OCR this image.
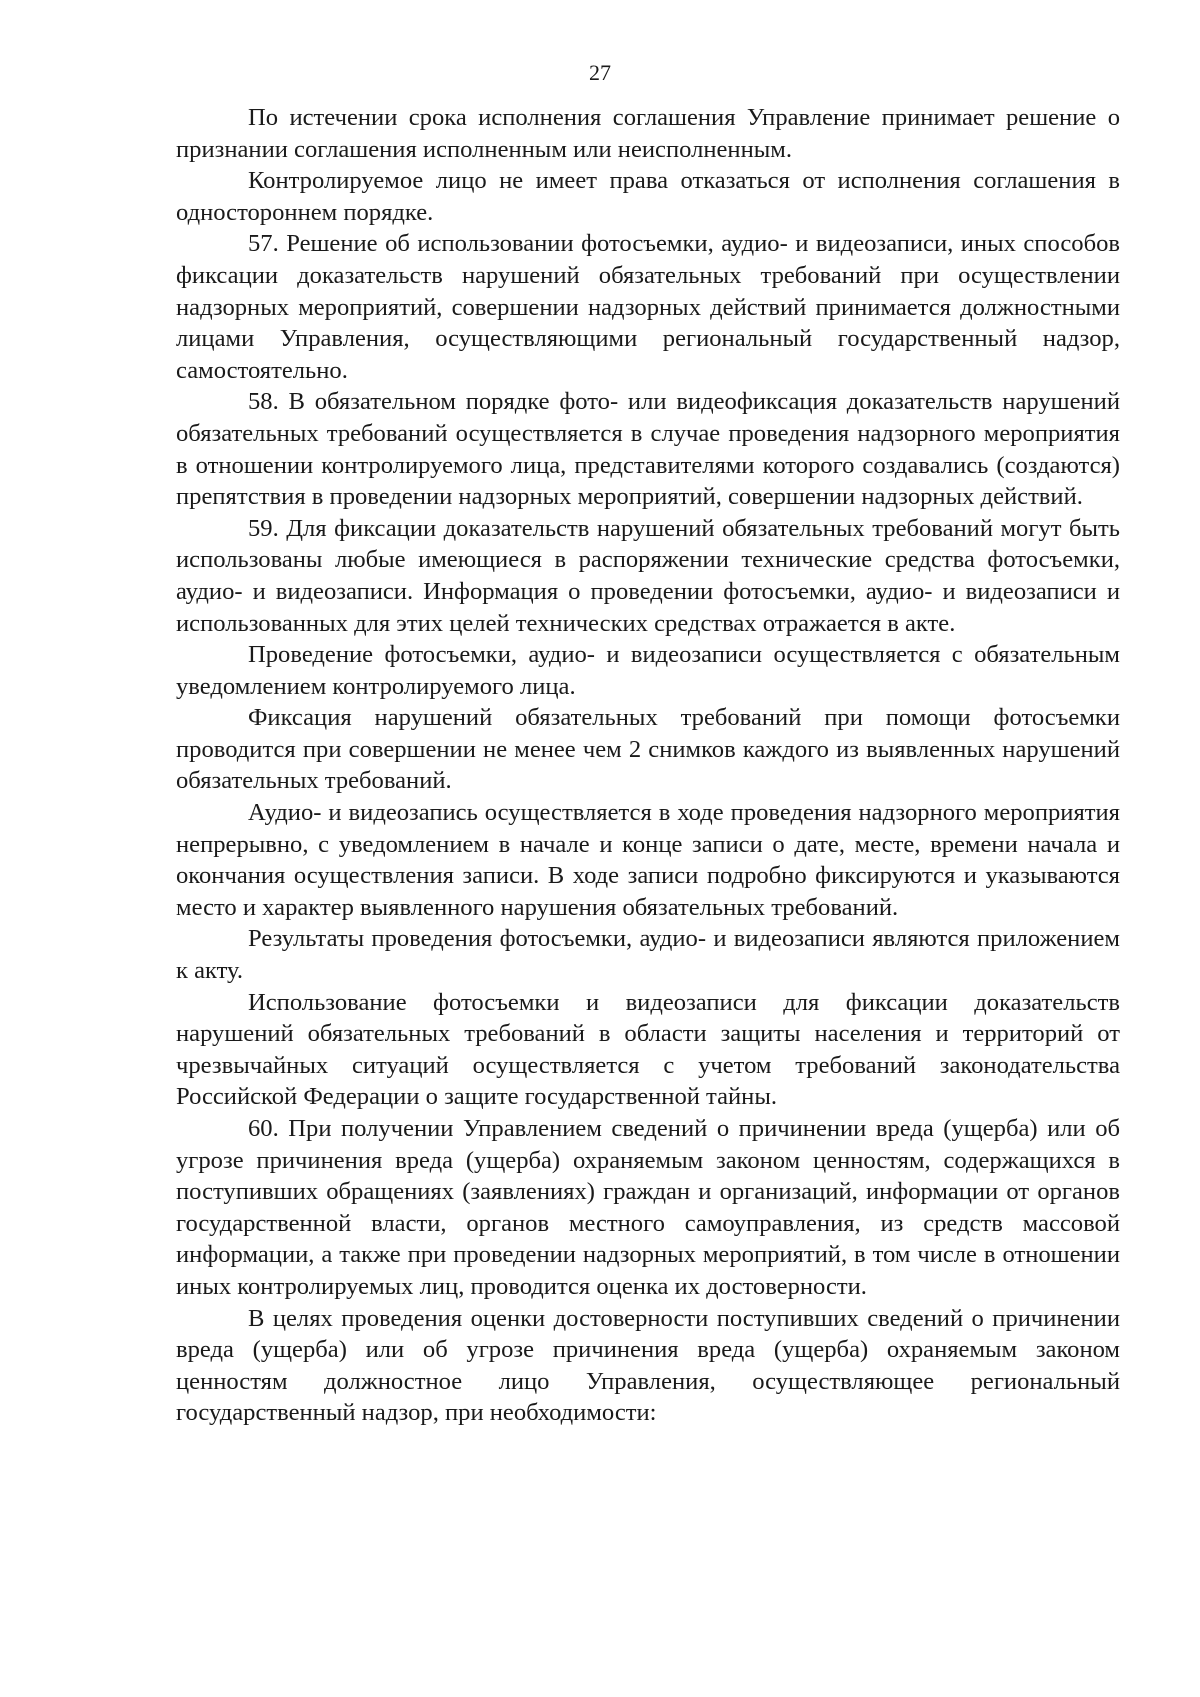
27

По истечении срока исполнения соглашения Управление принимает решение о признании соглашения исполненным или неисполненным.

Контролируемое лицо не имеет права отказаться от исполнения соглашения в одностороннем порядке.

57. Решение об использовании фотосъемки, аудио- и видеозаписи, иных способов фиксации доказательств нарушений обязательных требований при осуществлении надзорных мероприятий, совершении надзорных действий принимается должностными лицами Управления, осуществляющими региональный государственный надзор, самостоятельно.

58. В обязательном порядке фото- или видеофиксация доказательств нарушений обязательных требований осуществляется в случае проведения надзорного мероприятия в отношении контролируемого лица, представителями которого создавались (создаются) препятствия в проведении надзорных мероприятий, совершении надзорных действий.

59. Для фиксации доказательств нарушений обязательных требований могут быть использованы любые имеющиеся в распоряжении технические средства фотосъемки, аудио- и видеозаписи. Информация о проведении фотосъемки, аудио- и видеозаписи и использованных для этих целей технических средствах отражается в акте.

Проведение фотосъемки, аудио- и видеозаписи осуществляется с обязательным уведомлением контролируемого лица.

Фиксация нарушений обязательных требований при помощи фотосъемки проводится при совершении не менее чем 2 снимков каждого из выявленных нарушений обязательных требований.

Аудио- и видеозапись осуществляется в ходе проведения надзорного мероприятия непрерывно, с уведомлением в начале и конце записи о дате, месте, времени начала и окончания осуществления записи. В ходе записи подробно фиксируются и указываются место и характер выявленного нарушения обязательных требований.

Результаты проведения фотосъемки, аудио- и видеозаписи являются приложением к акту.

Использование фотосъемки и видеозаписи для фиксации доказательств нарушений обязательных требований в области защиты населения и территорий от чрезвычайных ситуаций осуществляется с учетом требований законодательства Российской Федерации о защите государственной тайны.

60. При получении Управлением сведений о причинении вреда (ущерба) или об угрозе причинения вреда (ущерба) охраняемым законом ценностям, содержащихся в поступивших обращениях (заявлениях) граждан и организаций, информации от органов государственной власти, органов местного самоуправления, из средств массовой информации, а также при проведении надзорных мероприятий, в том числе в отношении иных контролируемых лиц, проводится оценка их достоверности.

В целях проведения оценки достоверности поступивших сведений о причинении вреда (ущерба) или об угрозе причинения вреда (ущерба) охраняемым законом ценностям должностное лицо Управления, осуществляющее региональный государственный надзор, при необходимости:
